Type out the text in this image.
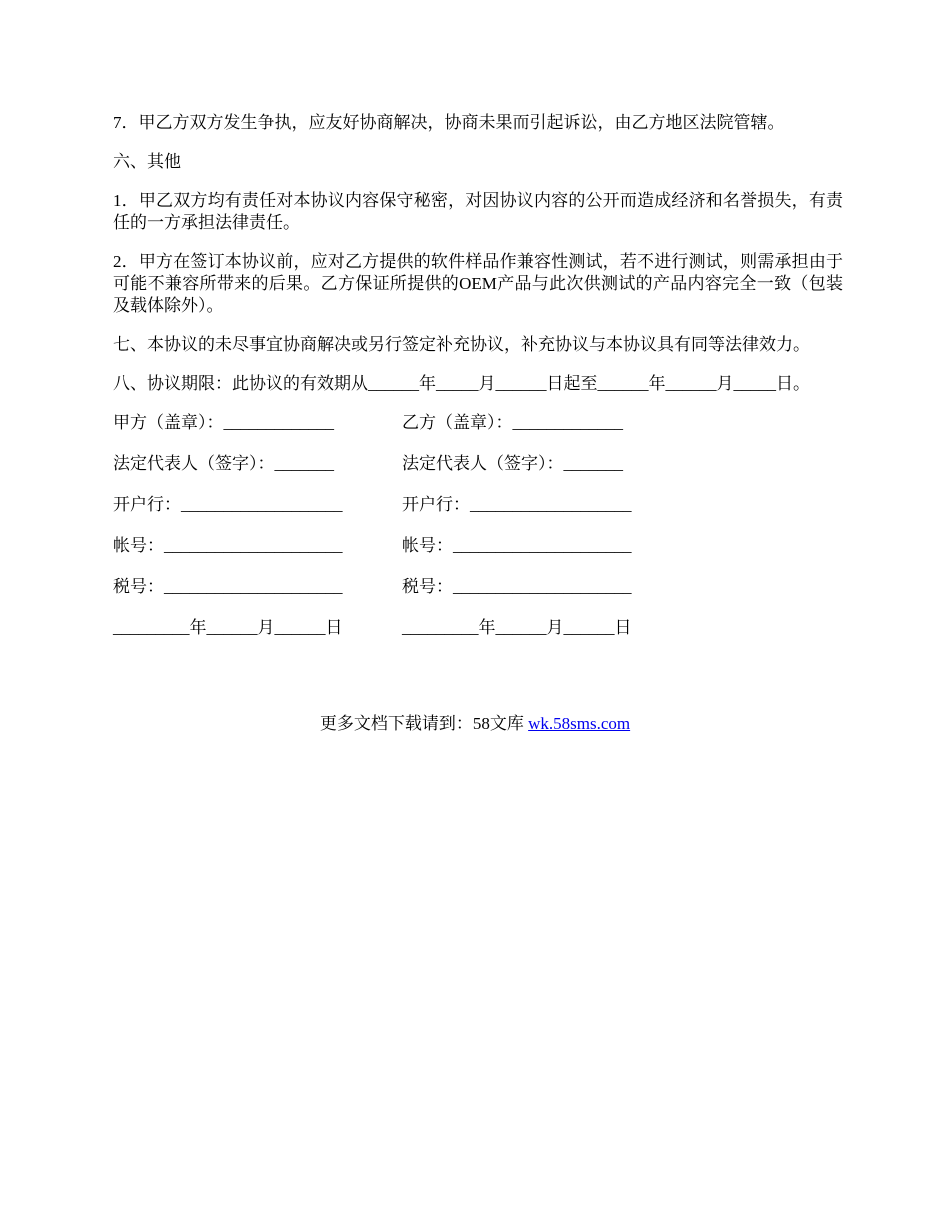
7．甲乙方双方发生争执，应友好协商解决，协商未果而引起诉讼，由乙方地区法院管辖。

六、其他

1．甲乙双方均有责任对本协议内容保守秘密，对因协议内容的公开而造成经济和名誉损失，有责任的一方承担法律责任。

2．甲方在签订本协议前，应对乙方提供的软件样品作兼容性测试，若不进行测试，则需承担由于可能不兼容所带来的后果。乙方保证所提供的OEM产品与此次供测试的产品内容完全一致（包装及载体除外）。

七、本协议的未尽事宜协商解决或另行签定补充协议，补充协议与本协议具有同等法律效力。

八、协议期限：此协议的有效期从______年_____月______日起至______年______月_____日。

甲方（盖章）：_____________	乙方（盖章）：_____________
法定代表人（签字）：_______	法定代表人（签字）：_______
开户行：___________________	开户行：___________________
帐号：_____________________	帐号：_____________________
税号：_____________________	税号：_____________________
_________年______月______日	_________年______月______日
更多文档下载请到：58文库 wk.58sms.com
